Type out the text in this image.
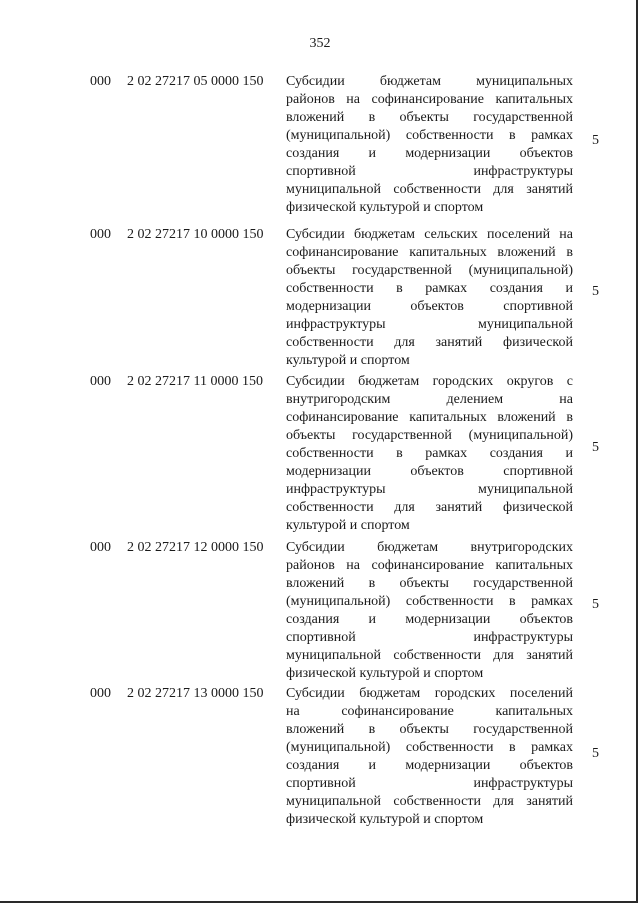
352
000 2 02 27217 05 0000 150 Субсидии бюджетам муниципальных
районов на софинансирование капитальных
вложений в объекты государственной
(муниципальной) собственности в рамках
создания и модернизации объектов
спортивной инфраструктуры
муниципальной собственности для занятий
физической культурой и спортом
5
000 2 02 27217 10 0000 150 Субсидии бюджетам сельских поселений на
софинансирование капитальных вложений в
объекты государственной (муниципальной)
собственности в рамках создания и
модернизации объектов спортивной
инфраструктуры муниципальной
собственности для занятий физической
культурой и спортом
5
000 2 02 27217 11 0000 150 Субсидии бюджетам городских округов с
внутригородским делением на
софинансирование капитальных вложений в
объекты государственной (муниципальной)
собственности в рамках создания и
модернизации объектов спортивной
инфраструктуры муниципальной
собственности для занятий физической
культурой и спортом
5
000 2 02 27217 12 0000 150 Субсидии бюджетам внутригородских
районов на софинансирование капитальных
вложений в объекты государственной
(муниципальной) собственности в рамках
создания и модернизации объектов
спортивной инфраструктуры
муниципальной собственности для занятий
физической культурой и спортом
5
000 2 02 27217 13 0000 150 Субсидии бюджетам городских поселений
на софинансирование капитальных
вложений в объекты государственной
(муниципальной) собственности в рамках
создания и модернизации объектов
спортивной инфраструктуры
муниципальной собственности для занятий
физической культурой и спортом
5
